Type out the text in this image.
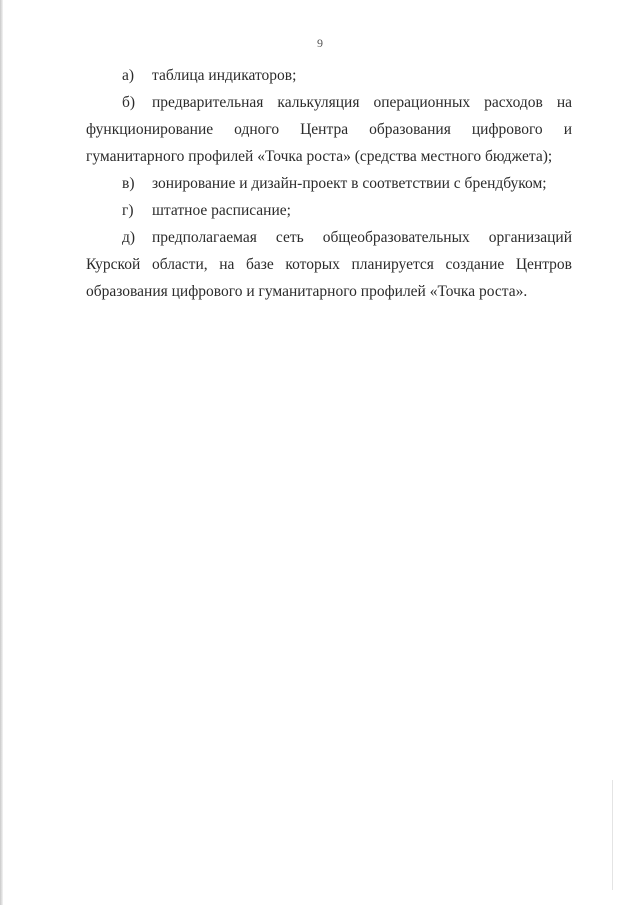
9

а) таблица индикаторов;

б) предварительная калькуляция операционных расходов на функционирование одного Центра образования цифрового и гуманитарного профилей «Точка роста» (средства местного бюджета);

в) зонирование и дизайн-проект в соответствии с брендбуком;

г) штатное расписание;

д) предполагаемая сеть общеобразовательных организаций Курской области, на базе которых планируется создание Центров образования цифрового и гуманитарного профилей «Точка роста».
